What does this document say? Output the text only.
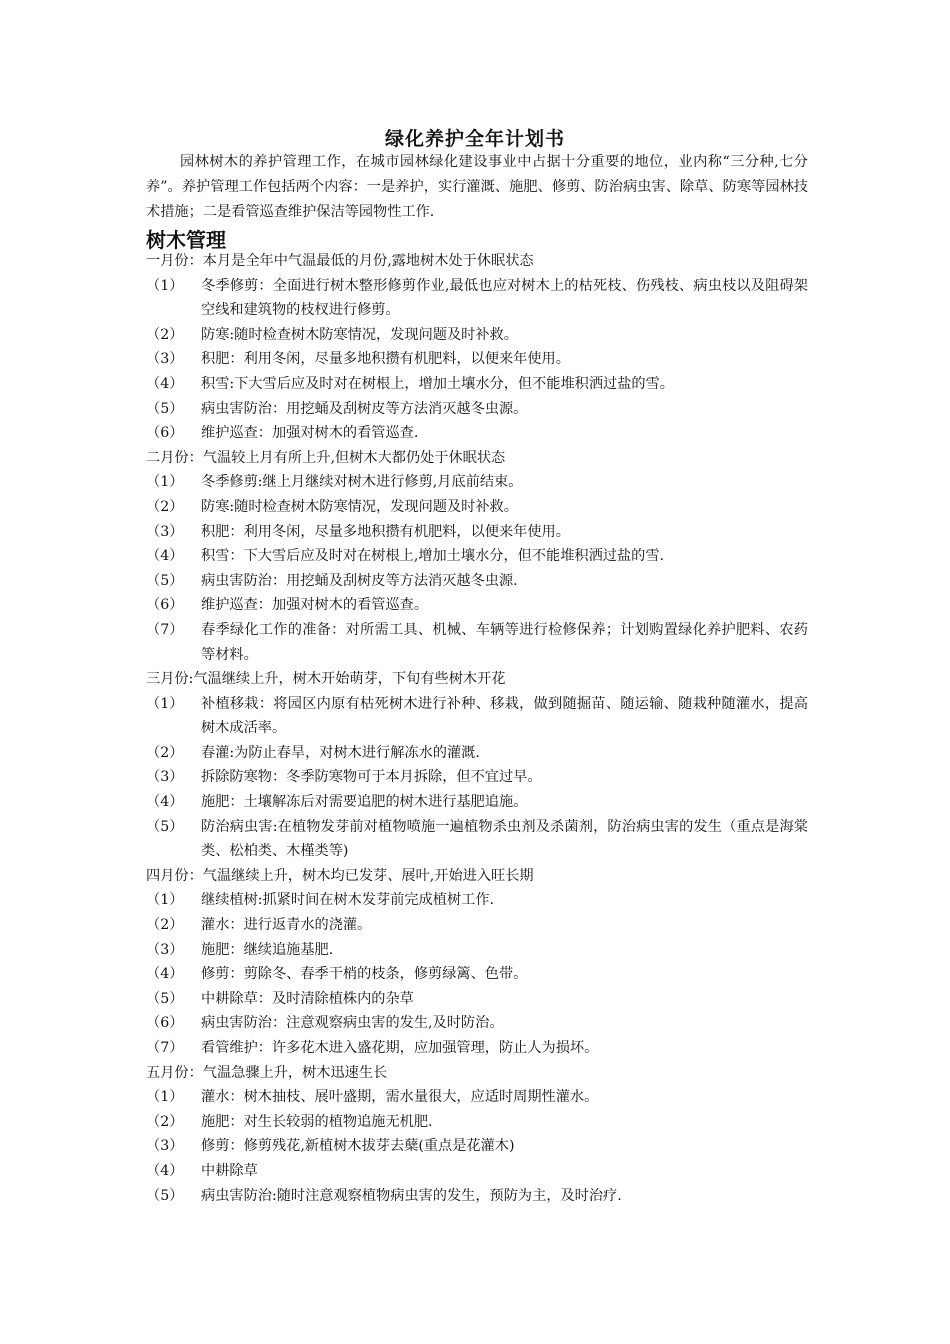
绿化养护全年计划书
园林树木的养护管理工作，在城市园林绿化建设事业中占据十分重要的地位，业内称“三分种,七分养”。养护管理工作包括两个内容：一是养护，实行灌溉、施肥、修剪、防治病虫害、除草、防寒等园林技术措施；二是看管巡查维护保洁等园物性工作.
树木管理
一月份：本月是全年中气温最低的月份,露地树木处于休眠状态
（1）	冬季修剪：全面进行树木整形修剪作业,最低也应对树木上的枯死枝、伤残枝、病虫枝以及阻碍架空线和建筑物的枝杈进行修剪。
（2）	防寒:随时检查树木防寒情况，发现问题及时补救。
（3）	积肥：利用冬闲，尽量多地积攒有机肥料，以便来年使用。
（4）	积雪:下大雪后应及时对在树根上，增加土壤水分，但不能堆积洒过盐的雪。
（5）	病虫害防治：用挖蛹及刮树皮等方法消灭越冬虫源。
（6）	维护巡查：加强对树木的看管巡查.
二月份：气温较上月有所上升,但树木大都仍处于休眠状态
（1）	冬季修剪:继上月继续对树木进行修剪,月底前结束。
（2）	防寒:随时检查树木防寒情况，发现问题及时补救。
（3）	积肥：利用冬闲，尽量多地积攒有机肥料，以便来年使用。
（4）	积雪：下大雪后应及时对在树根上,增加土壤水分，但不能堆积洒过盐的雪.
（5）	病虫害防治：用挖蛹及刮树皮等方法消灭越冬虫源.
（6）	维护巡查：加强对树木的看管巡查。
（7）	春季绿化工作的准备：对所需工具、机械、车辆等进行检修保养；计划购置绿化养护肥料、农药等材料。
三月份:气温继续上升，树木开始萌芽，下旬有些树木开花
（1）	补植移栽：将园区内原有枯死树木进行补种、移栽，做到随掘苗、随运输、随栽种随灌水，提高树木成活率。
（2）	春灌:为防止春旱，对树木进行解冻水的灌溉.
（3）	拆除防寒物：冬季防寒物可于本月拆除，但不宜过早。
（4）	施肥：土壤解冻后对需要追肥的树木进行基肥追施。
（5）	防治病虫害:在植物发芽前对植物喷施一遍植物杀虫剂及杀菌剂，防治病虫害的发生（重点是海棠类、松柏类、木槿类等)
四月份：气温继续上升，树木均已发芽、展叶,开始进入旺长期
（1）	继续植树:抓紧时间在树木发芽前完成植树工作.
（2）	灌水：进行返青水的浇灌。
（3）	施肥：继续追施基肥.
（4）	修剪：剪除冬、春季干梢的枝条，修剪绿篱、色带。
（5）	中耕除草：及时清除植株内的杂草
（6）	病虫害防治：注意观察病虫害的发生,及时防治。
（7）	看管维护：许多花木进入盛花期，应加强管理，防止人为损坏。
五月份：气温急骤上升，树木迅速生长
（1）	灌水：树木抽枝、展叶盛期，需水量很大，应适时周期性灌水。
（2）	施肥：对生长较弱的植物追施无机肥.
（3）	修剪：修剪残花,新植树木拔芽去蘖(重点是花灌木)
（4）	中耕除草
（5）	病虫害防治:随时注意观察植物病虫害的发生，预防为主，及时治疗.
